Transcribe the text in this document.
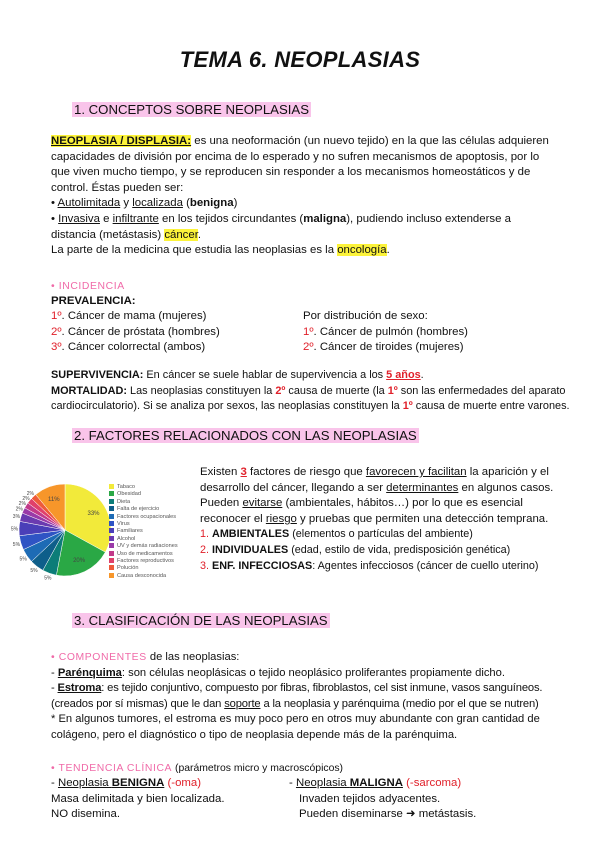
TEMA 6. NEOPLASIAS
1. CONCEPTOS SOBRE NEOPLASIAS

NEOPLASIA / DISPLASIA: es una neoformación (un nuevo tejido) en la que las células adquieren

capacidades de división por encima de lo esperado y no sufren mecanismos de apoptosis, por lo

que viven mucho tiempo, y se reproducen sin responder a los mecanismos homeostáticos y de

control. Éstas pueden ser:

• Autolimitada y localizada (benigna)

• Invasiva e infiltrante en los tejidos circundantes (maligna), pudiendo incluso extenderse a

distancia (metástasis) cáncer.

La parte de la medicina que estudia las neoplasias es la oncología.

• INCIDENCIA
PREVALENCIA:

1º. Cáncer de mama (mujeres)

2º. Cáncer de próstata (hombres)

3º. Cáncer colorrectal (ambos)

Por distribución de sexo:

1º. Cáncer de pulmón (hombres)

2º. Cáncer de tiroides (mujeres)

SUPERVIVENCIA: En cáncer se suele hablar de supervivencia a los 5 años.

MORTALIDAD: Las neoplasias constituyen la 2º causa de muerte (la 1º son las enfermedades del aparato

cardiocirculatorio). Si se analiza por sexos, las neoplasias constituyen la 1º causa de muerte entre varones.

2. FACTORES RELACIONADOS CON LAS NEOPLASIAS
33%
20%
5%
5%
5%
5%
5%
3%
2%
2%
2%
2%
11%
Tabaco
Obesidad
Dieta
Falta de ejercicio
Factores ocupacionales
Virus
Familiares
Alcohol
UV y demás radiaciones
Uso de medicamentos
Factores reproductivos
Polución
Causa desconocida

Existen 3 factores de riesgo que favorecen y facilitan la aparición y el

desarrollo del cáncer, llegando a ser determinantes en algunos casos.

Pueden evitarse (ambientales, hábitos…) por lo que es esencial

reconocer el riesgo y pruebas que permiten una detección temprana.

1. AMBIENTALES (elementos o partículas del ambiente)

2. INDIVIDUALES (edad, estilo de vida, predisposición genética)

3. ENF. INFECCIOSAS: Agentes infecciosos (cáncer de cuello uterino)

3. CLASIFICACIÓN DE LAS NEOPLASIAS

• COMPONENTES de las neoplasias:

- Parénquima: son células neoplásicas o tejido neoplásico proliferantes propiamente dicho.

- Estroma: es tejido conjuntivo, compuesto por fibras, fibroblastos, cel sist inmune, vasos sanguíneos.

(creados por sí mismas) que le dan soporte a la neoplasia y parénquima (medio por el que se nutren)

* En algunos tumores, el estroma es muy poco pero en otros muy abundante con gran cantidad de

colágeno, pero el diagnóstico o tipo de neoplasia depende más de la parénquima.

• TENDENCIA CLÍNICA (parámetros micro y macroscópicos)

- Neoplasia BENIGNA (-oma)

Masa delimitada y bien localizada.

NO disemina.

- Neoplasia MALIGNA (-sarcoma)

Invaden tejidos adyacentes.

Pueden diseminarse ➜ metástasis.
